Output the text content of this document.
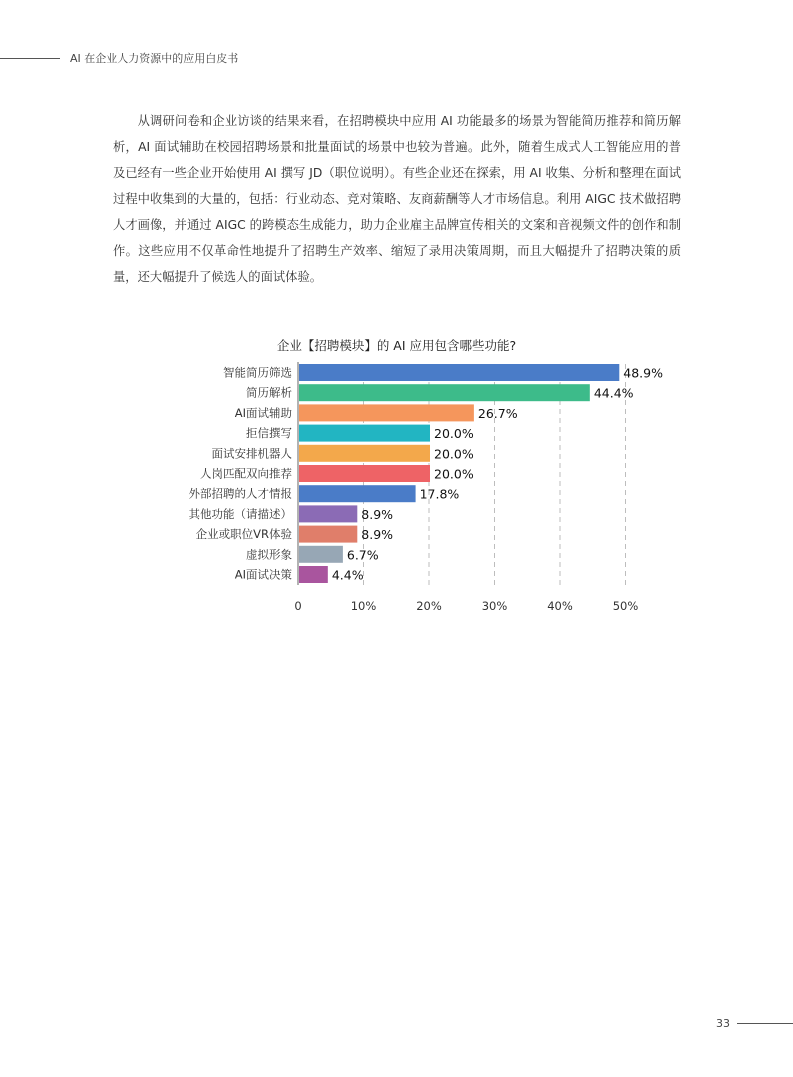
AI 在企业人力资源中的应用白皮书

从调研问卷和企业访谈的结果来看，在招聘模块中应用 AI 功能最多的场景为智能简历推荐和简历解析，AI 面试辅助在校园招聘场景和批量面试的场景中也较为普遍。此外，随着生成式人工智能应用的普及已经有一些企业开始使用 AI 撰写 JD（职位说明）。有些企业还在探索，用 AI 收集、分析和整理在面试过程中收集到的大量的，包括：行业动态、竞对策略、友商薪酬等人才市场信息。利用 AIGC 技术做招聘人才画像，并通过 AIGC 的跨模态生成能力，助力企业雇主品牌宣传相关的文案和音视频文件的创作和制作。这些应用不仅革命性地提升了招聘生产效率、缩短了录用决策周期，而且大幅提升了招聘决策的质量，还大幅提升了候选人的面试体验。

企业【招聘模块】的 AI 应用包含哪些功能?
0	10%	20%	30%	40%	50%
智能简历筛选	48.9%
简历解析	44.4%
AI面试辅助	26.7%
拒信撰写	20.0%
面试安排机器人	20.0%
人岗匹配双向推荐	20.0%
外部招聘的人才情报	17.8%
其他功能（请描述）	8.9%
企业或职位VR体验	8.9%
虚拟形象	6.7%
AI面试决策	4.4%
33
